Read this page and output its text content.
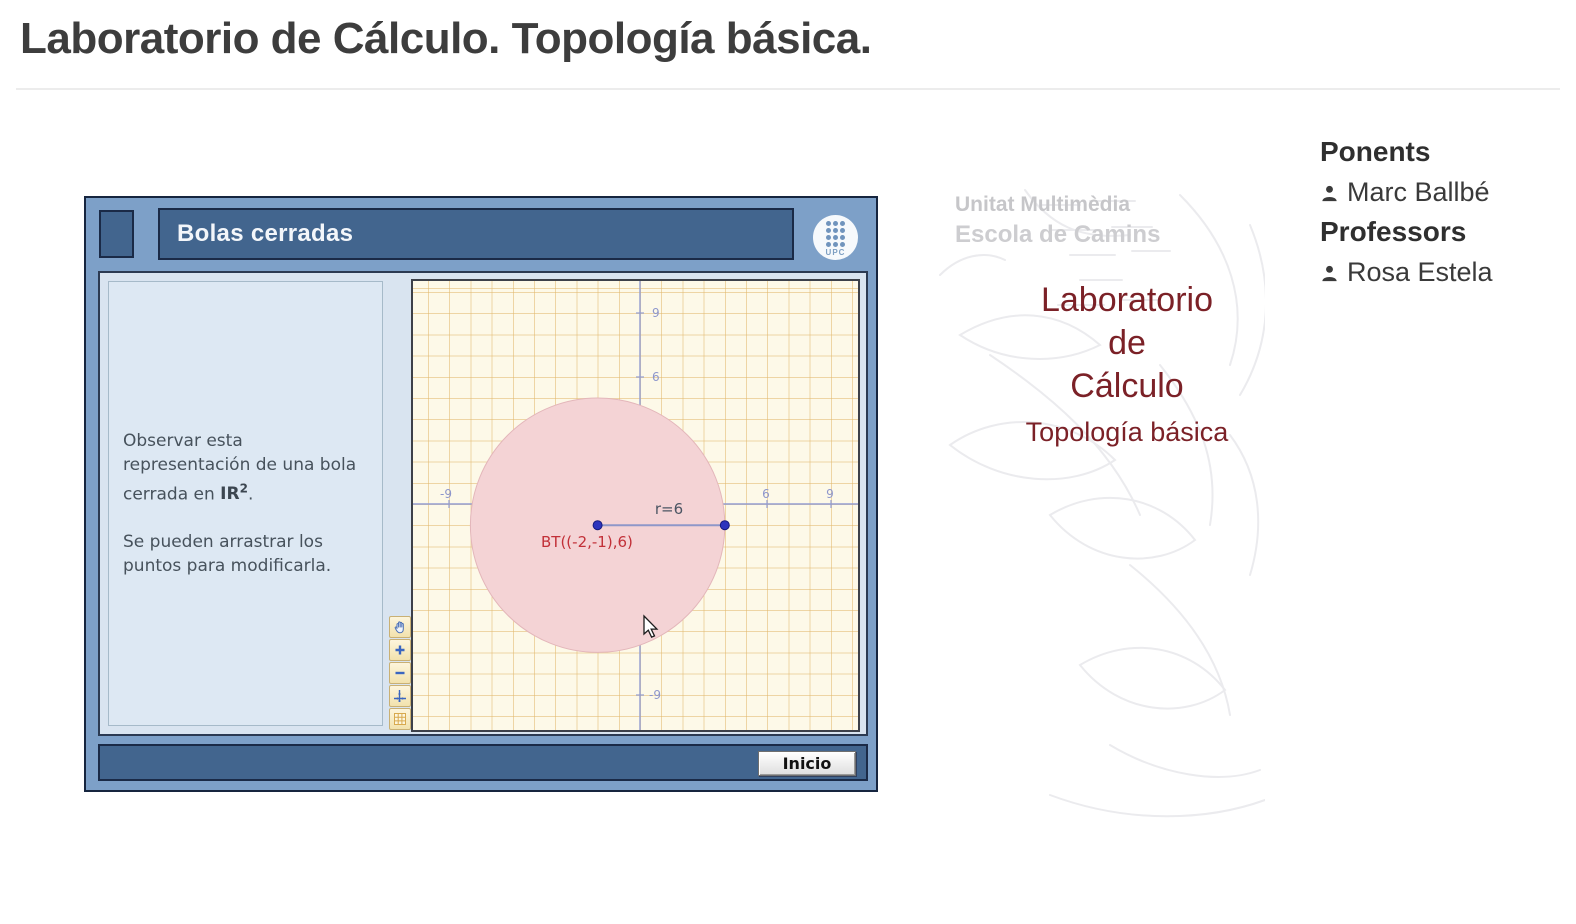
Laboratorio de Cálculo. Topología básica.
Bolas cerradas
UPC

Observar esta representación de una bola cerrada en $IR^2$.

Se pueden arrastrar los puntos para modificarla.

-9	6	9
9
6
-9
r=6
BT((-2,-1),6)
Inicio
Unitat Multimèdia
Escola de Camins
Laboratorio
de
Cálculo
Topología básica
Ponents
Marc Ballbé
Professors
Rosa Estela
